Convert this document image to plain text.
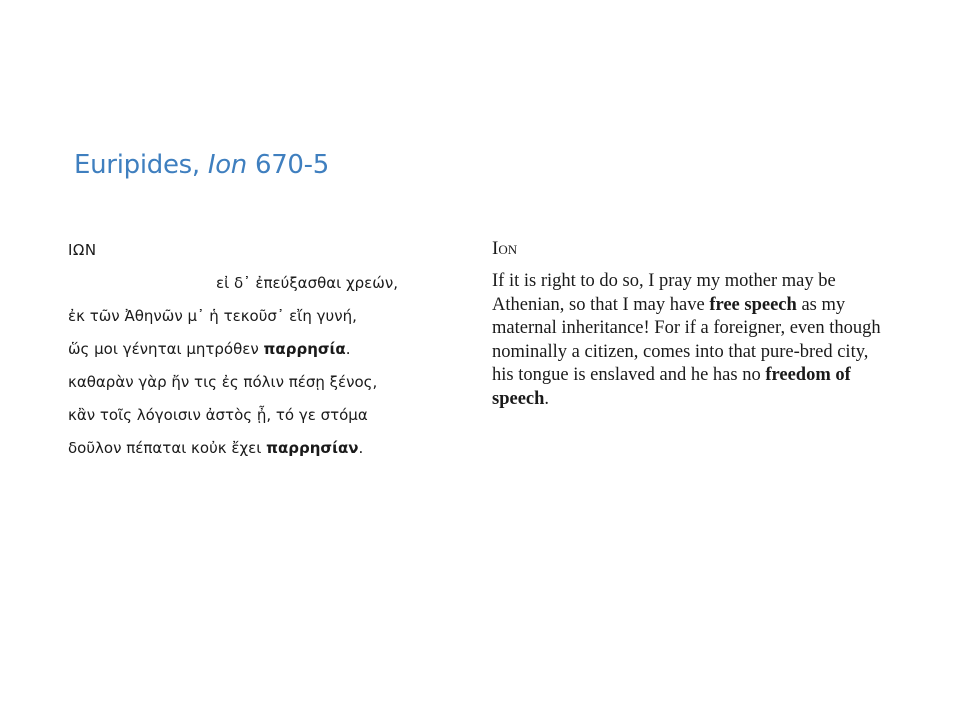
Euripides, Ion 670-5
ΙΩΝ
εἰ δ᾽ ἐπεύξασθαι χρεών,
ἐκ τῶν Ἀθηνῶν μ᾽ ἡ τεκοῦσ᾽ εἴη γυνή,
ὥς μοι γένηται μητρόθεν παρρησία.
καθαρὰν γὰρ ἤν τις ἐς πόλιν πέσῃ ξένος,
κἂν τοῖς λόγοισιν ἀστὸς ᾖ, τό γε στόμα
δοῦλον πέπαται κοὐκ ἔχει παρρησίαν.
Ion
If it is right to do so, I pray my mother may be Athenian, so that I may have free speech as my maternal inheritance! For if a foreigner, even though nominally a citizen, comes into that pure-bred city, his tongue is enslaved and he has no freedom of speech.
